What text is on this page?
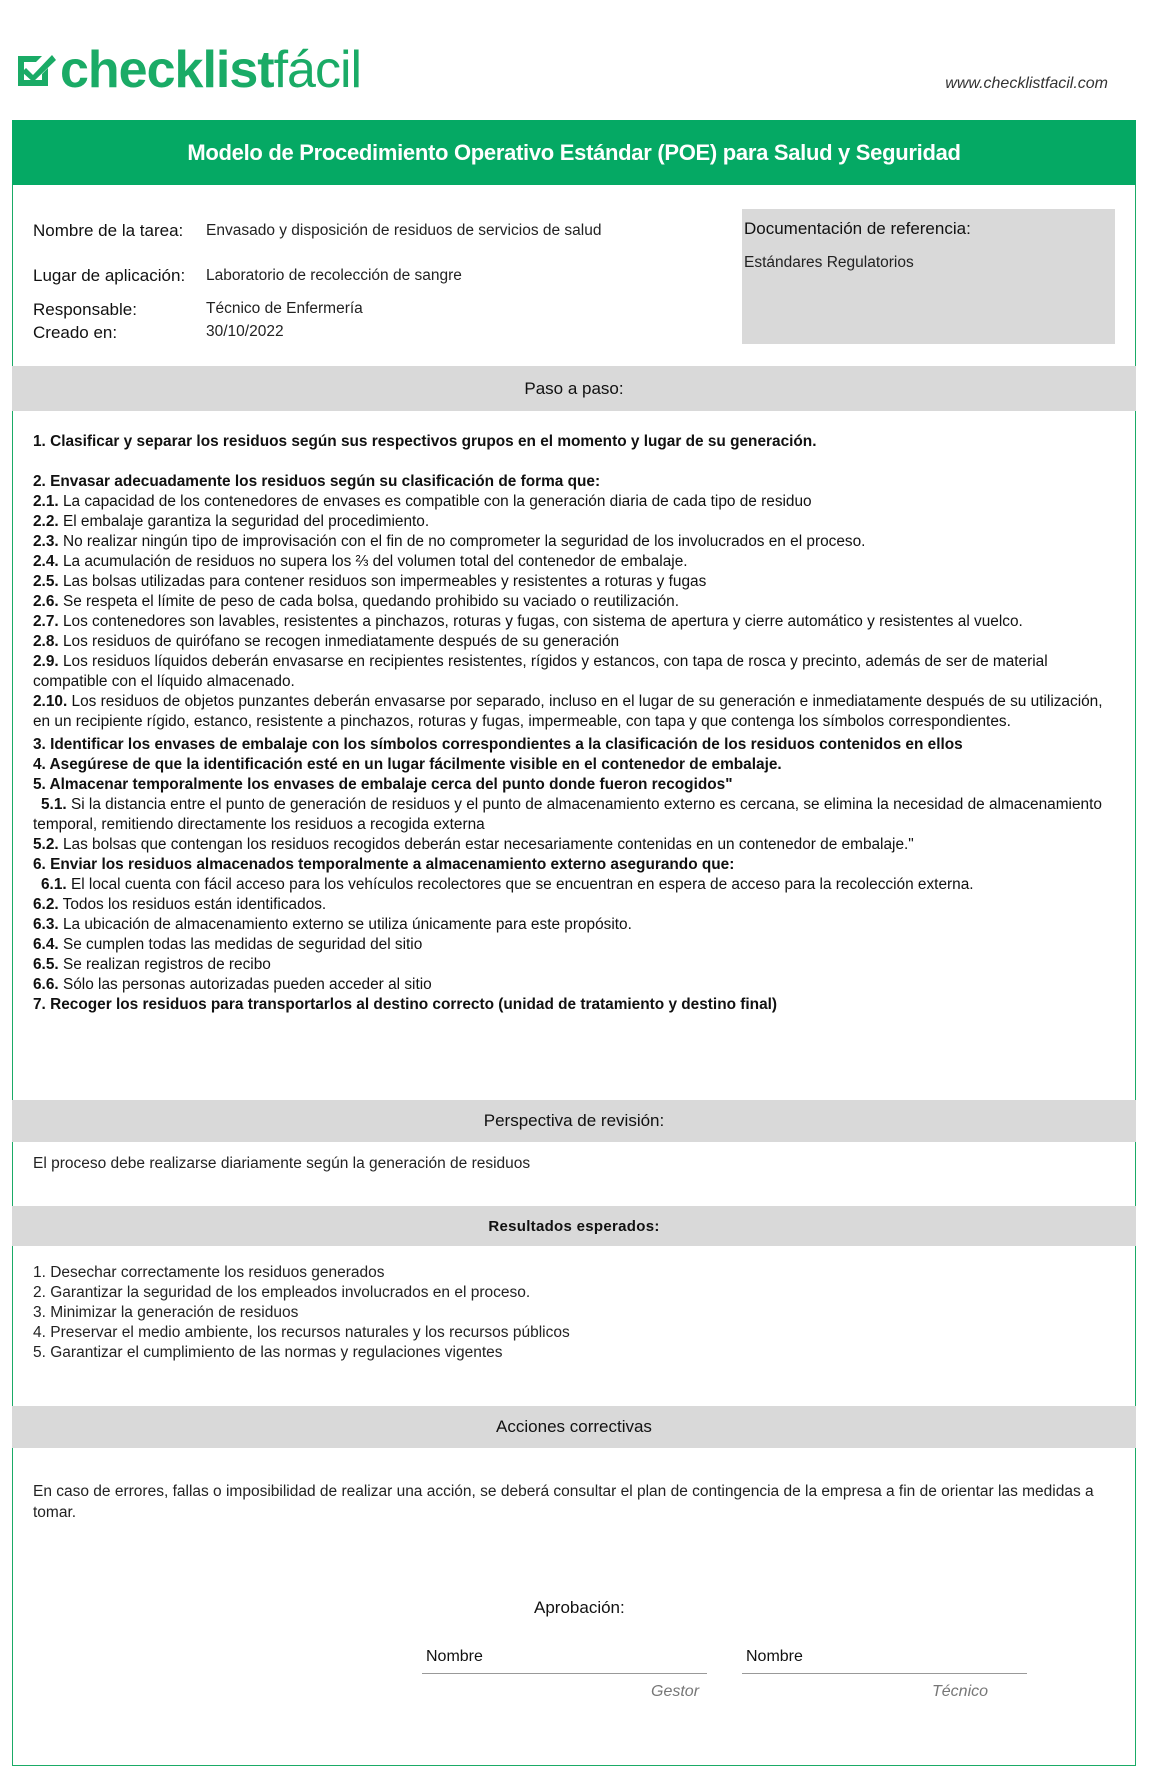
checklistfácil	www.checklistfacil.com
Modelo de Procedimiento Operativo Estándar (POE) para Salud y Seguridad
Nombre de la tarea: Envasado y disposición de residuos de servicios de salud
Lugar de aplicación: Laboratorio de recolección de sangre
Responsable:	Técnico de Enfermería
Creado en:	30/10/2022
Documentación de referencia:
Estándares Regulatorios
Paso a paso:

1. Clasificar y separar los residuos según sus respectivos grupos en el momento y lugar de su generación.

2. Envasar adecuadamente los residuos según su clasificación de forma que:

2.1. La capacidad de los contenedores de envases es compatible con la generación diaria de cada tipo de residuo

2.2. El embalaje garantiza la seguridad del procedimiento.

2.3. No realizar ningún tipo de improvisación con el fin de no comprometer la seguridad de los involucrados en el proceso.

2.4. La acumulación de residuos no supera los ⅔ del volumen total del contenedor de embalaje.

2.5. Las bolsas utilizadas para contener residuos son impermeables y resistentes a roturas y fugas

2.6. Se respeta el límite de peso de cada bolsa, quedando prohibido su vaciado o reutilización.

2.7. Los contenedores son lavables, resistentes a pinchazos, roturas y fugas, con sistema de apertura y cierre automático y resistentes al vuelco.

2.8. Los residuos de quirófano se recogen inmediatamente después de su generación

2.9. Los residuos líquidos deberán envasarse en recipientes resistentes, rígidos y estancos, con tapa de rosca y precinto, además de ser de material compatible con el líquido almacenado.

2.10. Los residuos de objetos punzantes deberán envasarse por separado, incluso en el lugar de su generación e inmediatamente después de su utilización, en un recipiente rígido, estanco, resistente a pinchazos, roturas y fugas, impermeable, con tapa y que contenga los símbolos correspondientes.

3. Identificar los envases de embalaje con los símbolos correspondientes a la clasificación de los residuos contenidos en ellos

4. Asegúrese de que la identificación esté en un lugar fácilmente visible en el contenedor de embalaje.

5. Almacenar temporalmente los envases de embalaje cerca del punto donde fueron recogidos"

5.1. Si la distancia entre el punto de generación de residuos y el punto de almacenamiento externo es cercana, se elimina la necesidad de almacenamiento temporal, remitiendo directamente los residuos a recogida externa

5.2. Las bolsas que contengan los residuos recogidos deberán estar necesariamente contenidas en un contenedor de embalaje."

6. Enviar los residuos almacenados temporalmente a almacenamiento externo asegurando que:

6.1. El local cuenta con fácil acceso para los vehículos recolectores que se encuentran en espera de acceso para la recolección externa.

6.2. Todos los residuos están identificados.

6.3. La ubicación de almacenamiento externo se utiliza únicamente para este propósito.

6.4. Se cumplen todas las medidas de seguridad del sitio

6.5. Se realizan registros de recibo

6.6. Sólo las personas autorizadas pueden acceder al sitio

7. Recoger los residuos para transportarlos al destino correcto (unidad de tratamiento y destino final)

Perspectiva de revisión:
El proceso debe realizarse diariamente según la generación de residuos
Resultados esperados:
1. Desechar correctamente los residuos generados
2. Garantizar la seguridad de los empleados involucrados en el proceso.
3. Minimizar la generación de residuos
4. Preservar el medio ambiente, los recursos naturales y los recursos públicos
5. Garantizar el cumplimiento de las normas y regulaciones vigentes
Acciones correctivas
En caso de errores, fallas o imposibilidad de realizar una acción, se deberá consultar el plan de contingencia de la empresa a fin de orientar las medidas a tomar.
Aprobación:
Nombre
Gestor
Nombre
Técnico
